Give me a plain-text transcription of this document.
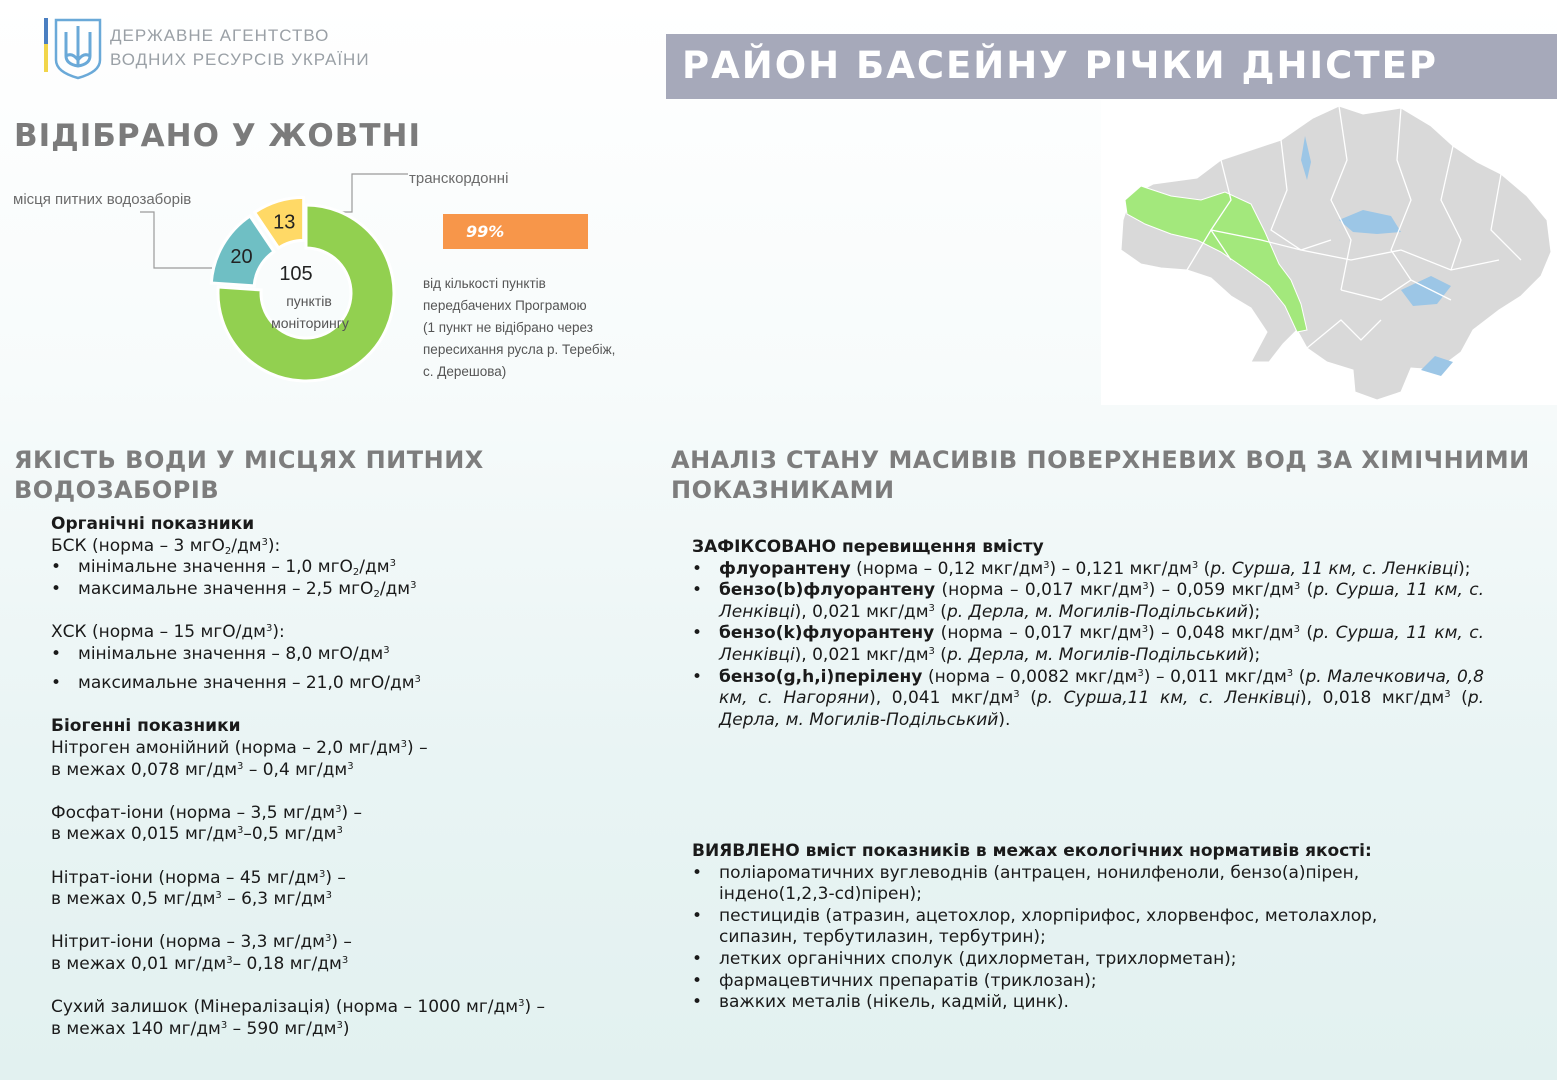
ДЕРЖАВНЕ АГЕНТСТВО
ВОДНИХ РЕСУРСІВ УКРАЇНИ	РАЙОН БАСЕЙНУ РІЧКИ ДНІСТЕР
ВІДІБРАНО У ЖОВТНІ
20
13
105
пунктів
моніторингу
місця питних водозаборів
транскордонні
99%
від кількості пунктів
передбачених Програмою
(1 пункт не відібрано через
пересихання русла р. Теребіж,
с. Дерешова)
ЯКІСТЬ ВОДИ У МІСЦЯХ ПИТНИХ
ВОДОЗАБОРІВ
Органічні показники
БСК (норма – 3 $мгО_2/дм^3$):
• мінімальне значення – 1,0 $мгО_2/дм^3$
• максимальне значення – 2,5 $мгО_2/дм^3$
ХСК (норма – 15 мгО/$дм^3$):
• мінімальне значення – 8,0 мгО/$дм^3$
• максимальне значення – 21,0 мгО/$дм^3$
Біогенні показники
Нітроген амонійний (норма – 2,0 $мг/дм^3$) –
в межах 0,078 $мг/дм^3 - 0,4$ $мг/дм^3$
Фосфат-іони (норма – 3,5 $мг/дм^3$) –
в межах 0,015 $мг/дм^3-0,5$ $мг/дм^3$
Нітрат-іони (норма – 45 $мг/дм^3$) –
в межах 0,5 $мг/дм^3 - 6,3$ $мг/дм^3$
Нітрит-іони (норма – 3,3 $мг/дм^3$) –
в межах 0,01 $мг/дм^3-$ 0,18 $мг/дм^3$
Сухий залишок (Мінералізація) (норма – 1000 $мг/дм^3$) –
в межах 140 $мг/дм^3 - 590$ $мг/дм^3$)
АНАЛІЗ СТАНУ МАСИВІВ ПОВЕРХНЕВИХ ВОД ЗА ХІМІЧНИМИ
ПОКАЗНИКАМИ
ЗАФІКСОВАНО перевищення вмісту
• флуорантену (норма – 0,12 мкг/$дм^3) - 0,121$ мкг/$дм^3$ (р. Сурша, 11 км, с. Ленківці);
• бензо(b)флуорантену (норма – 0,017 мкг/$дм^3) - 0,059$ мкг/$дм^3$ (р. Сурша, 11 км, с. Ленківці), 0,021 мкг/$дм^3$ (р. Дерла, м. Могилів-Подільський);
• бензо(k)флуорантену (норма – 0,017 мкг/$дм^3) - 0,048$ мкг/$дм^3$ (р. Сурша, 11 км, с. Ленківці), 0,021 мкг/$дм^3$ (р. Дерла, м. Могилів-Подільський);
• бензо(g,h,i)перілену (норма – 0,0082 мкг/$дм^3) - 0,011$ мкг/$дм^3$ (р. Малечковича, 0,8 км, с. Нагоряни), 0,041 мкг/$дм^3$ (р. Сурша,11 км, с. Ленківці), 0,018 мкг/$дм^3$ (р. Дерла, м. Могилів-Подільський).
ВИЯВЛЕНО вміст показників в межах екологічних нормативів якості:
• поліароматичних вуглеводнів (антрацен, нонилфеноли, бензо(а)пірен, індено(1,2,3-cd)пірен);
• пестицидів (атразин, ацетохлор, хлорпірифос, хлорвенфос, метолахлор, сипазин, тербутилазин, тербутрин);
• летких органічних сполук (дихлорметан, трихлорметан);
• фармацевтичних препаратів (триклозан);
• важких металів (нікель, кадмій, цинк).
